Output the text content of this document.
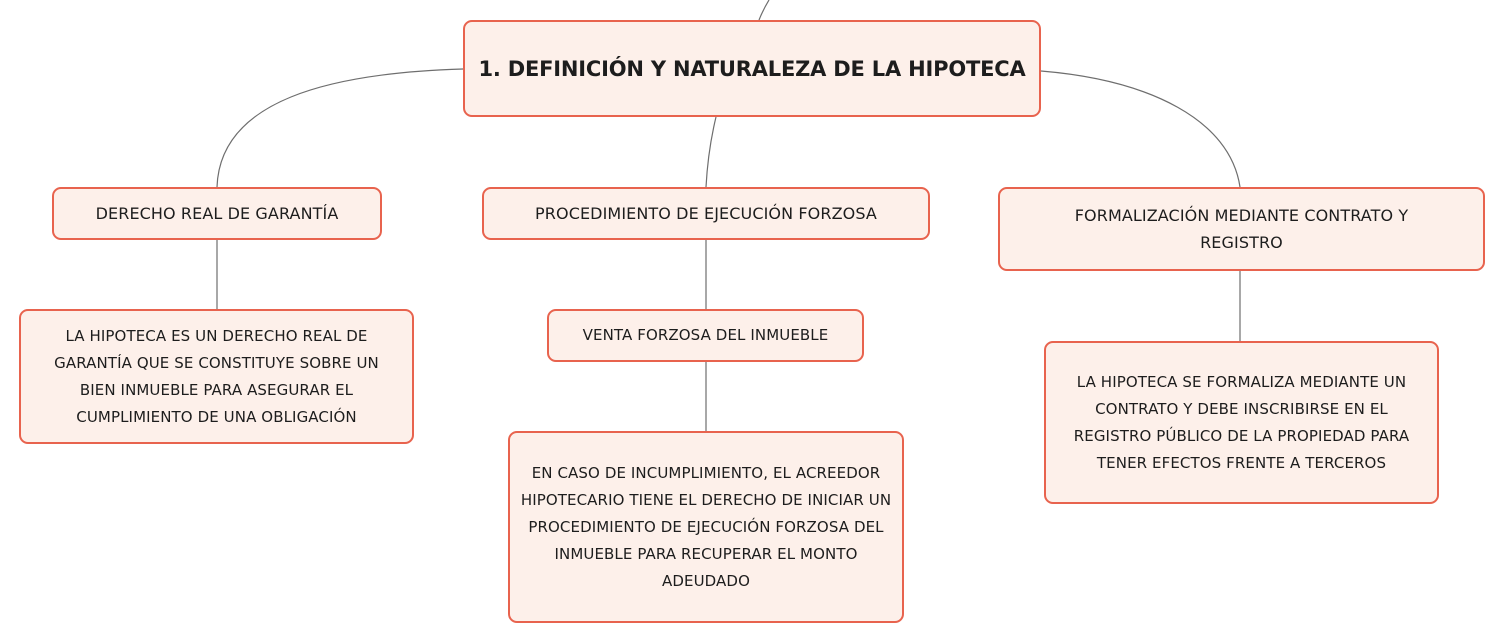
1. DEFINICIÓN Y NATURALEZA DE LA HIPOTECA
DERECHO REAL DE GARANTÍA	PROCEDIMIENTO DE EJECUCIÓN FORZOSA	FORMALIZACIÓN MEDIANTE CONTRATO Y REGISTRO
LA HIPOTECA ES UN DERECHO REAL DE GARANTÍA QUE SE CONSTITUYE SOBRE UN BIEN INMUEBLE PARA ASEGURAR EL CUMPLIMIENTO DE UNA OBLIGACIÓN
VENTA FORZOSA DEL INMUEBLE
EN CASO DE INCUMPLIMIENTO, EL ACREEDOR HIPOTECARIO TIENE EL DERECHO DE INICIAR UN PROCEDIMIENTO DE EJECUCIÓN FORZOSA DEL INMUEBLE PARA RECUPERAR EL MONTO ADEUDADO
LA HIPOTECA SE FORMALIZA MEDIANTE UN CONTRATO Y DEBE INSCRIBIRSE EN EL REGISTRO PÚBLICO DE LA PROPIEDAD PARA TENER EFECTOS FRENTE A TERCEROS
